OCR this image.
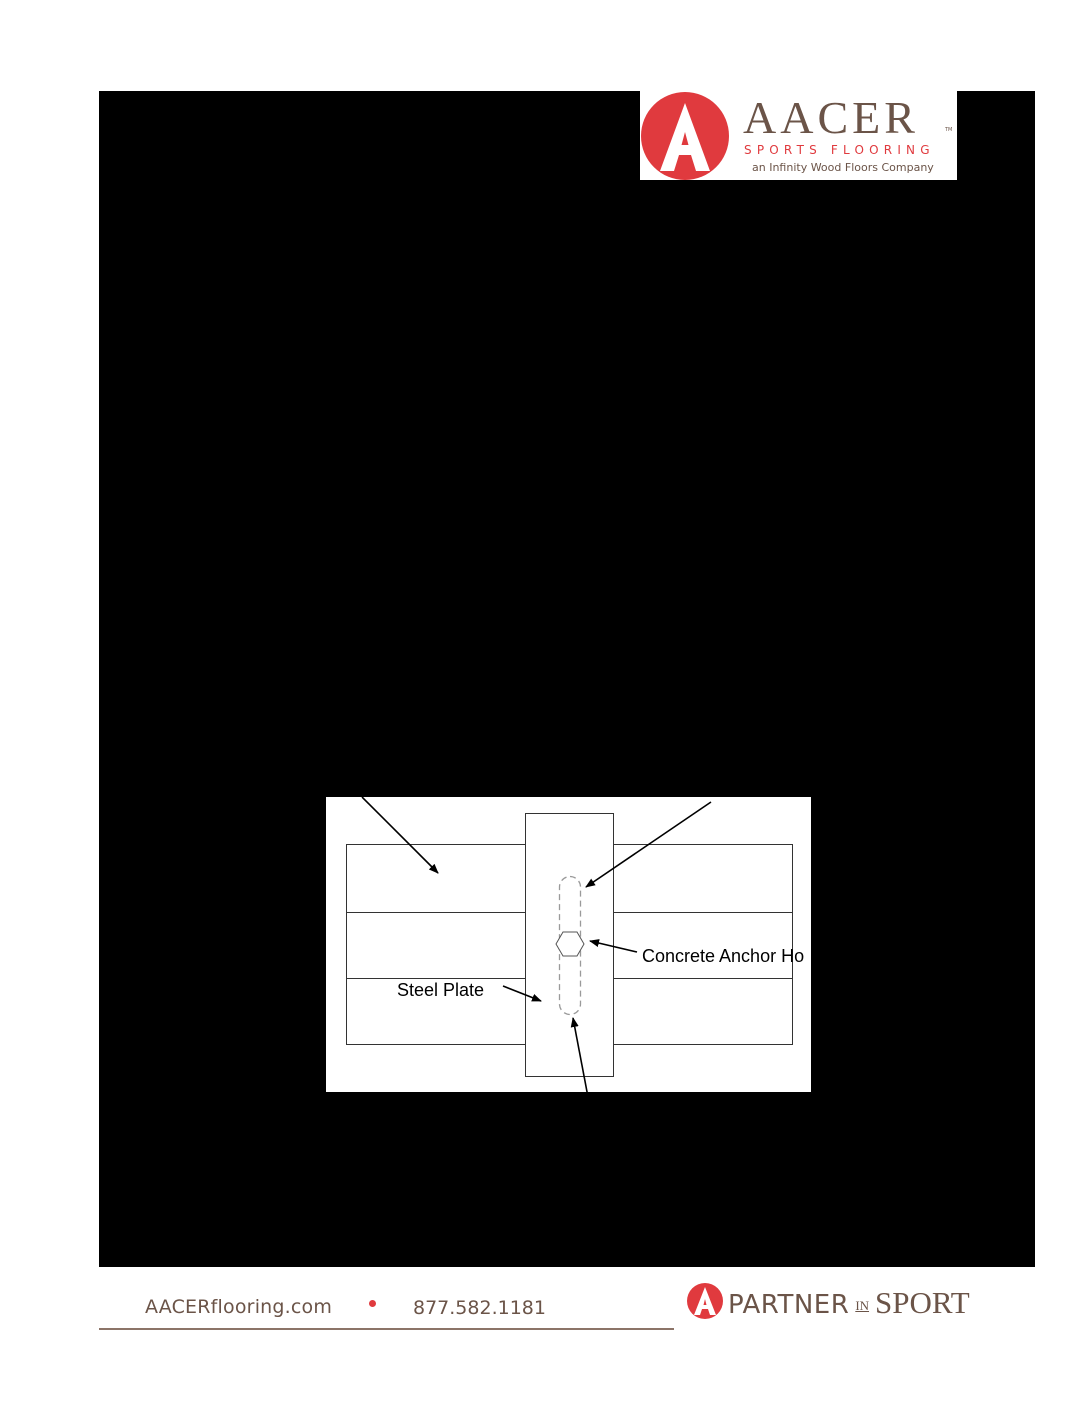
AACER	TM
SPORTS FLOORING
an Infinity Wood Floors Company
Concrete Anchor Ho
Steel Plate
AACERflooring.com	877.582.1181	PARTNER IN SPORT
